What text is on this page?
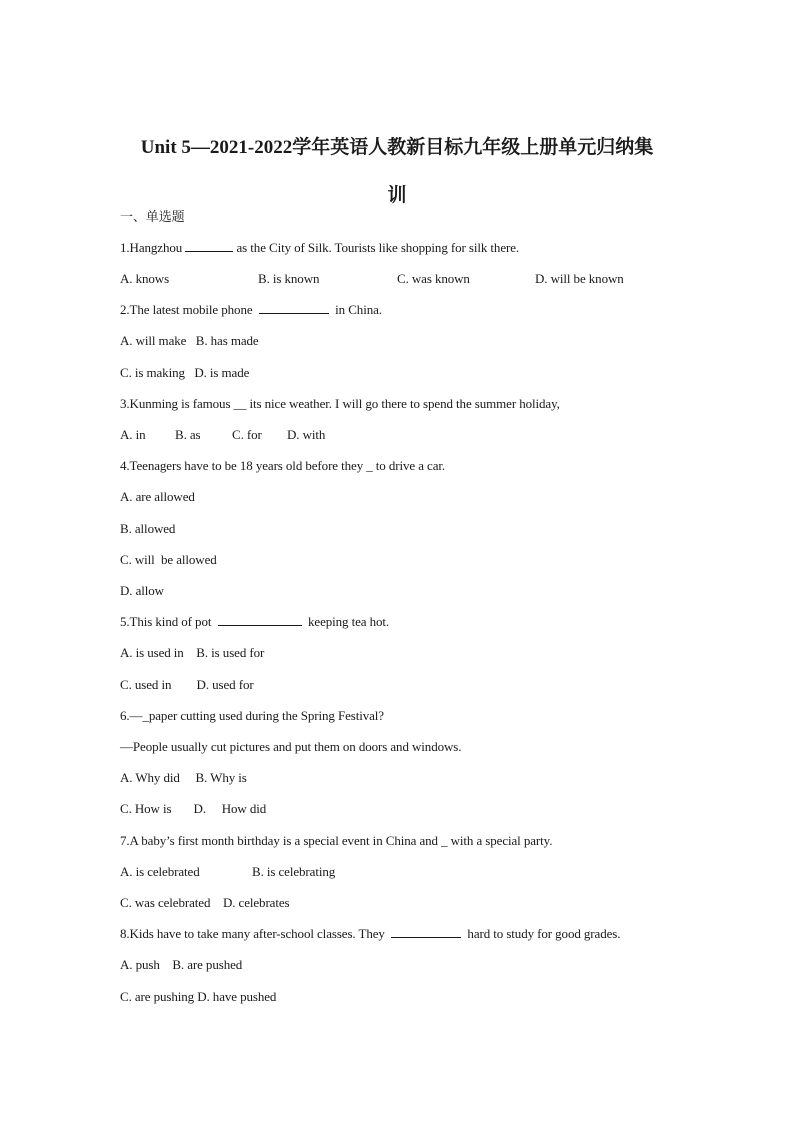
Unit 5—2021-2022学年英语人教新目标九年级上册单元归纳集
训
一、单选题
1.Hangzhou	as the City of Silk. Tourists like shopping for silk there.

A. knows

	B. is known

	C. was known

	D. will be known

2.The latest mobile phone	in China.
A. will make   B. has made
C. is making   D. is made
3.Kunming is famous __ its nice weather. I will go there to spend the summer holiday,

A. in

B. as

C. for

D. with

4.Teenagers have to be 18 years old before they _ to drive a car.
A. are allowed
B. allowed
C. will  be allowed
D. allow
5.This kind of pot	keeping tea hot.
A. is used in    B. is used for
C. used in        D. used for
6.—_paper cutting used during the Spring Festival?
—People usually cut pictures and put them on doors and windows.
A. Why did     B. Why is
C. How is       D.     How did
7.A baby’s first month birthday is a special event in China and _ with a special party.

A. is celebrated

	B. is celebrating

C. was celebrated    D. celebrates
8.Kids have to take many after-school classes. They	hard to study for good grades.
A. push    B. are pushed
C. are pushing D. have pushed
